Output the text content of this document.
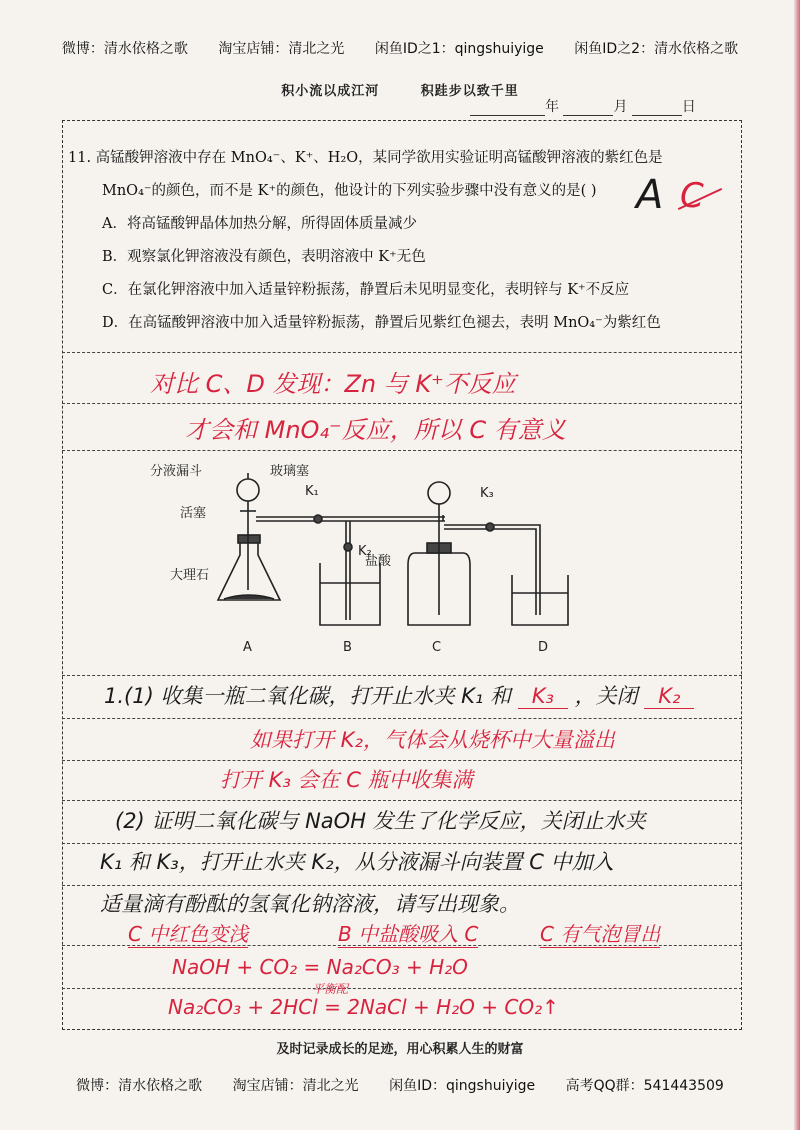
微博：清水依格之歌 淘宝店铺：清北之光 闲鱼ID之1：qingshuiyige 闲鱼ID之2：清水依格之歌
积小流以成江河	积跬步以致千里
年	月	日
11. 高锰酸钾溶液中存在 MnO₄⁻、K⁺、H₂O，某同学欲用实验证明高锰酸钾溶液的紫红色是
MnO₄⁻的颜色，而不是 K⁺的颜色，他设计的下列实验步骤中没有意义的是( )
A．将高锰酸钾晶体加热分解，所得固体质量减少
B．观察氯化钾溶液没有颜色，表明溶液中 K⁺无色
C．在氯化钾溶液中加入适量锌粉振荡，静置后未见明显变化，表明锌与 K⁺不反应
D．在高锰酸钾溶液中加入适量锌粉振荡，静置后见紫红色褪去，表明 MnO₄⁻为紫红色
A C
对比 C、D 发现：Zn 与 K⁺不反应
才会和 MnO₄⁻反应，所以 C 有意义
分液漏斗	玻璃塞
活塞
大理石
盐酸
K₁
K₂
K₃
A	B	C	D
1.(1) 收集一瓶二氧化碳，打开止水夹 K₁ 和 K₃ ，关闭 K₂
如果打开 K₂，气体会从烧杯中大量溢出
打开 K₃ 会在 C 瓶中收集满
(2) 证明二氧化碳与 NaOH 发生了化学反应，关闭止水夹
K₁ 和 K₃，打开止水夹 K₂，从分液漏斗向装置 C 中加入
适量滴有酚酞的氢氧化钠溶液，请写出现象。
C 中红色变浅	B 中盐酸吸入 C	C 有气泡冒出
NaOH + CO₂ = Na₂CO₃ + H₂O
平衡配
Na₂CO₃ + 2HCl = 2NaCl + H₂O + CO₂↑
及时记录成长的足迹，用心积累人生的财富
微博：清水依格之歌 淘宝店铺：清北之光 闲鱼ID：qingshuiyige 高考QQ群：541443509
